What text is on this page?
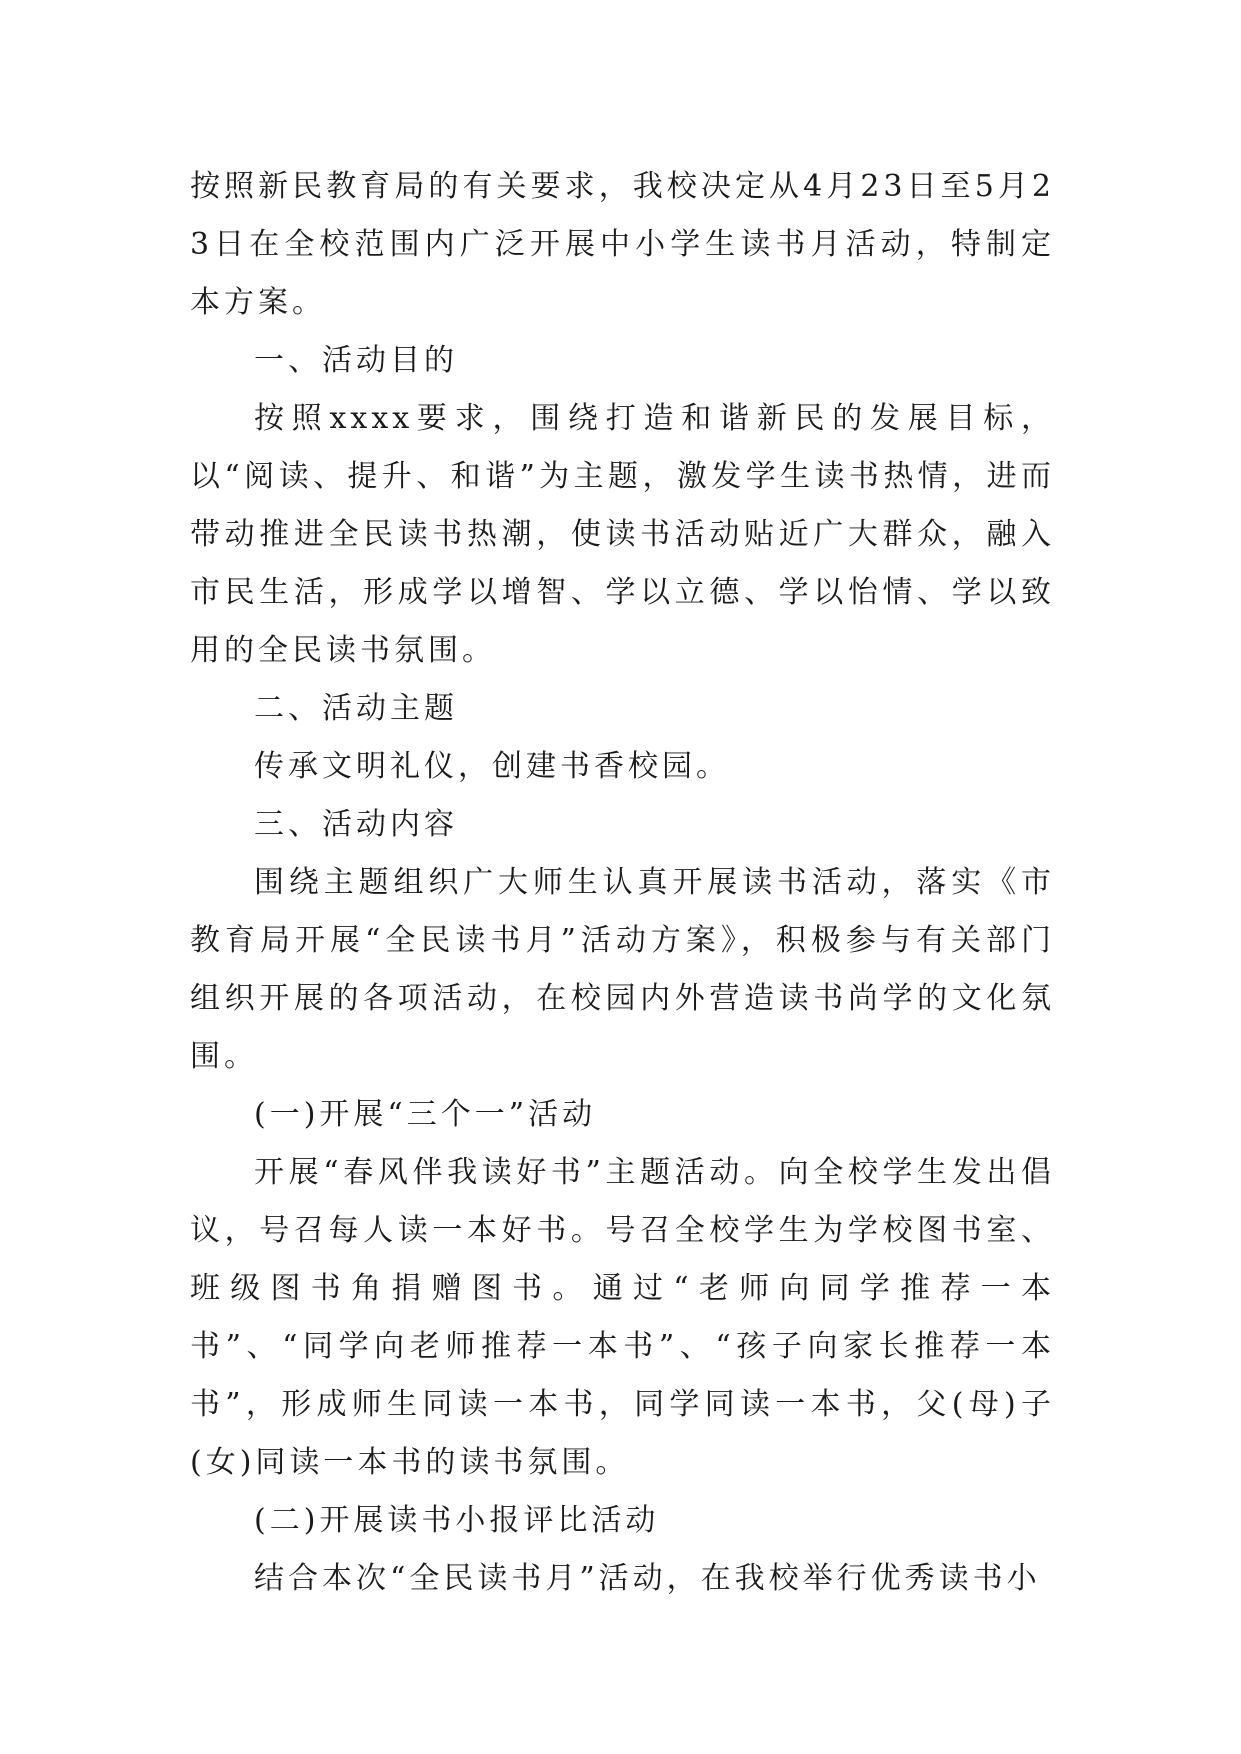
按照新民教育局的有关要求，我校决定从4月23日至5月23日在全校范围内广泛开展中小学生读书月活动，特制定本方案。

一、活动目的

按照xxxx要求，围绕打造和谐新民的发展目标，以“阅读、提升、和谐”为主题，激发学生读书热情，进而带动推进全民读书热潮，使读书活动贴近广大群众，融入市民生活，形成学以增智、学以立德、学以怡情、学以致用的全民读书氛围。

二、活动主题

传承文明礼仪，创建书香校园。

三、活动内容

围绕主题组织广大师生认真开展读书活动，落实《市教育局开展“全民读书月”活动方案》，积极参与有关部门组织开展的各项活动，在校园内外营造读书尚学的文化氛围。

(一)开展“三个一”活动

开展“春风伴我读好书”主题活动。向全校学生发出倡议，号召每人读一本好书。号召全校学生为学校图书室、班级图书角捐赠图书。通过“老师向同学推荐一本书”、“同学向老师推荐一本书”、“孩子向家长推荐一本书”，形成师生同读一本书，同学同读一本书，父(母)子(女)同读一本书的读书氛围。

(二)开展读书小报评比活动

结合本次“全民读书月”活动，在我校举行优秀读书小
